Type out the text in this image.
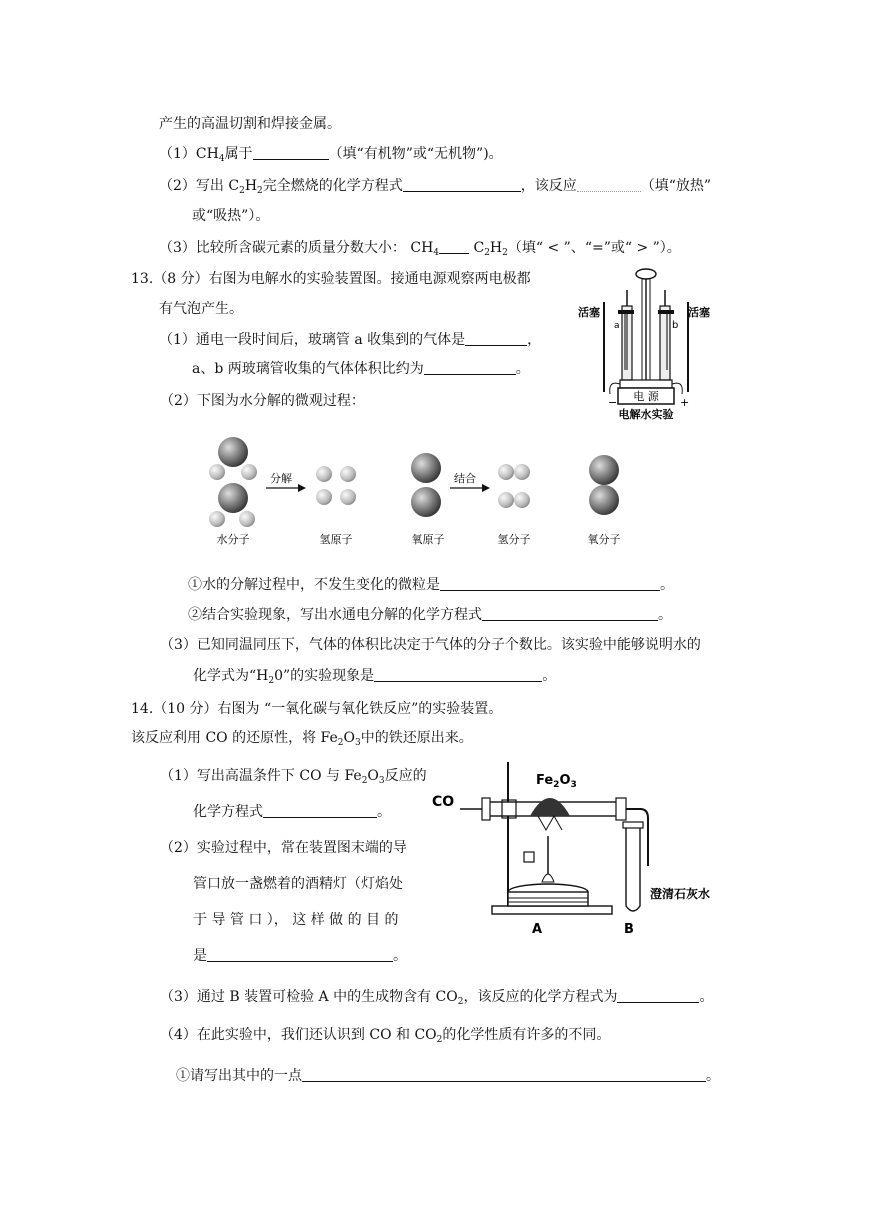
产生的高温切割和焊接金属。
$(1)CH_4$属于	（填“有机物”或“无机物”)。
（2）写出 $C_2H_2$完全燃烧的化学方程式	，该反应	（填“放热”
或“吸热”）。
（3）比较所含碳元素的质量分数大小： $CH_4$ $C_2H_2$（填“ < ”、“=”或“ > ”）。
13.（8 分）右图为电解水的实验装置图。接通电源观察两电极都
有气泡产生。
（1）通电一段时间后，玻璃管 a 收集到的气体是	，
a、b 两玻璃管收集的气体体积比约为	。
（2）下图为水分解的微观过程：	电 源
−	+
活塞	活塞
a	b
电解水实验
分解	结合
水分子	氢原子	氧原子	氢分子	氧分子
①水的分解过程中，不发生变化的微粒是	。
②结合实验现象，写出水通电分解的化学方程式	。
（3）已知同温同压下，气体的体积比决定于气体的分子个数比。该实验中能够说明水的
化学式为“$H_20$”的实验现象是	。
14.（10 分）右图为 “一氧化碳与氧化铁反应”的实验装置。
该反应利用 CO 的还原性，将 $Fe_2O_3$中的铁还原出来。
（1）写出高温条件下 CO 与 $Fe_2O_3$反应的
化学方程式	。
（2）实验过程中，常在装置图末端的导
管口放一盏燃着的酒精灯（灯焰处
于 导 管 口 ）， 这 样 做 的 目 的
是	。
$Fe_2O_3$
CO
澄清石灰水
A	B
（3）通过 B 装置可检验 A 中的生成物含有 $CO_2$，该反应的化学方程式为	。
（4）在此实验中，我们还认识到 CO 和 $CO_2$的化学性质有许多的不同。
①请写出其中的一点	。
